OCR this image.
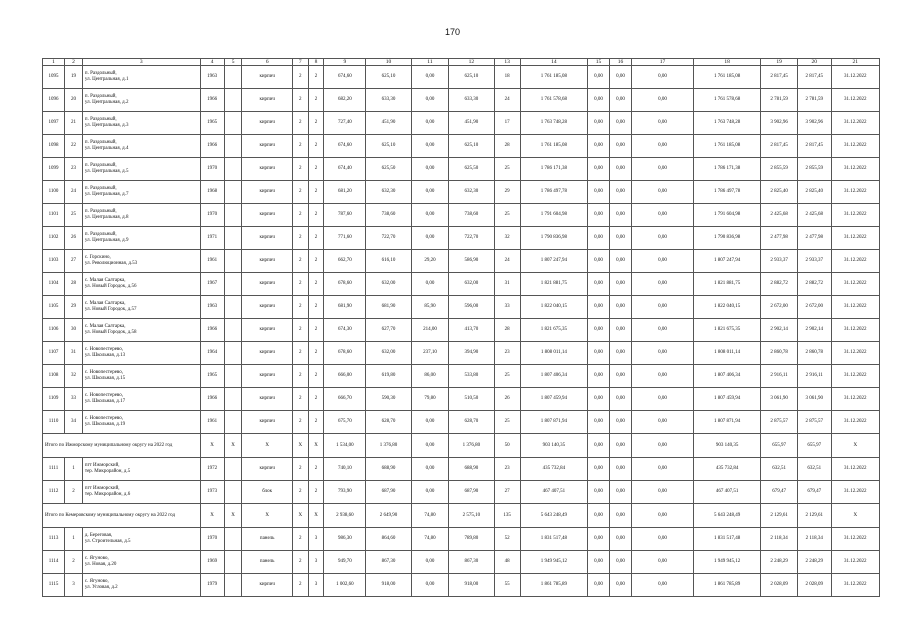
170
1	2	3	4	5	6	7	8	9	10	11	12	13	14	15	16	17	18	19	20	21
1095	19	п. Раздольный,
ул. Центральная, д.1	1963		кирпич	2	2	674,60	625,10	0,00	625,10	18	1 761 185,08	0,00	0,00	0,00	1 761 185,08	2 817,45	2 817,45	31.12.2022
1096	20	п. Раздольный,
ул. Центральная, д.2	1966		кирпич	2	2	682,20	633,30	0,00	633,30	24	1 761 578,68	0,00	0,00	0,00	1 761 578,68	2 781,59	2 781,59	31.12.2022
1097	21	п. Раздольный,
ул. Центральная, д.3	1965		кирпич	2	2	727,40	451,90	0,00	451,90	17	1 763 748,28	0,00	0,00	0,00	1 763 748,28	3 902,96	3 902,96	31.12.2022
1098	22	п. Раздольный,
ул. Центральная, д.4	1966		кирпич	2	2	674,60	625,10	0,00	625,10	28	1 761 185,08	0,00	0,00	0,00	1 761 185,08	2 817,45	2 817,45	31.12.2022
1099	23	п. Раздольный,
ул. Центральная, д.5	1970		кирпич	2	2	674,40	625,50	0,00	625,50	25	1 786 171,38	0,00	0,00	0,00	1 786 171,38	2 855,59	2 855,59	31.12.2022
1100	24	п. Раздольный,
ул. Центральная, д.7	1968		кирпич	2	2	681,20	632,30	0,00	632,30	29	1 786 497,78	0,00	0,00	0,00	1 786 497,78	2 825,40	2 825,40	31.12.2022
1101	25	п. Раздольный,
ул. Центральная, д.8	1970		кирпич	2	2	787,60	738,60	0,00	738,60	25	1 791 604,98	0,00	0,00	0,00	1 791 604,98	2 425,68	2 425,68	31.12.2022
1102	26	п. Раздольный,
ул. Центральная, д.9	1971		кирпич	2	2	771,60	722,70	0,00	722,70	32	1 790 836,98	0,00	0,00	0,00	1 790 836,98	2 477,98	2 477,98	31.12.2022
1103	27	с. Горскино,
ул. Революционная, д.53	1961		кирпич	2	2	662,70	616,10	29,20	586,90	24	1 807 247,94	0,00	0,00	0,00	1 807 247,94	2 933,37	2 933,37	31.12.2022
1104	28	с. Малая Салтарка,
ул. Новый Городок, д.56	1967		кирпич	2	2	678,60	632,00	0,00	632,00	31	1 821 881,75	0,00	0,00	0,00	1 821 881,75	2 882,72	2 882,72	31.12.2022
1105	29	с. Малая Салтарка,
ул. Новый Городок, д.57	1963		кирпич	2	2	681,90	681,90	85,90	596,00	33	1 822 040,15	0,00	0,00	0,00	1 822 040,15	2 672,00	2 672,00	31.12.2022
1106	30	с. Малая Салтарка,
ул. Новый Городок, д.58	1966		кирпич	2	2	674,30	627,70	214,00	413,70	28	1 821 675,35	0,00	0,00	0,00	1 821 675,35	2 902,14	2 902,14	31.12.2022
1107	31	с. Новопестерево,
ул. Школьная, д.13	1964		кирпич	2	2	678,60	632,00	237,10	394,90	23	1 808 011,14	0,00	0,00	0,00	1 808 011,14	2 860,78	2 860,78	31.12.2022
1108	32	с. Новопестерево,
ул. Школьная, д.15	1965		кирпич	2	2	666,00	619,80	86,00	533,80	25	1 807 406,34	0,00	0,00	0,00	1 807 406,34	2 916,11	2 916,11	31.12.2022
1109	33	с. Новопестерево,
ул. Школьная, д.17	1966		кирпич	2	2	666,70	590,30	79,80	510,50	26	1 807 459,94	0,00	0,00	0,00	1 807 459,94	3 061,90	3 061,90	31.12.2022
1110	34	с. Новопестерево,
ул. Школьная, д.19	1961		кирпич	2	2	675,70	628,70	0,00	628,70	25	1 807 871,94	0,00	0,00	0,00	1 807 871,94	2 875,57	2 875,57	31.12.2022
Итого по Ижморскому муниципальному округу на 2022 год			Х	Х	Х	Х	Х	1 534,00	1 376,80	0,00	1 376,80	50	903 140,35	0,00	0,00	0,00	903 140,35	655,97	655,97	Х
1111	1	пгт Ижморский,
тер. Микрорайон, д.5	1972		кирпич	2	2	740,10	688,90	0,00	688,90	23	435 732,84	0,00	0,00	0,00	435 732,84	632,51	632,51	31.12.2022
1112	2	пгт Ижморский,
тер. Микрорайон, д.6	1973		блок	2	2	793,90	687,90	0,00	687,90	27	467 407,51	0,00	0,00	0,00	467 407,51	679,47	679,47	31.12.2022
Итого по Кемеровскому муниципальному округу на 2022 год			Х	Х	Х	Х	Х	2 938,60	2 649,90	74,80	2 575,10	135	5 643 248,49	0,00	0,00	0,00	5 643 248,49	2 129,61	2 129,61	Х
1113	1	д. Береговая,
ул. Строительная, д.5	1970		панель	2	3	986,30	864,60	74,80	789,80	52	1 831 517,48	0,00	0,00	0,00	1 831 517,48	2 118,34	2 118,34	31.12.2022
1114	2	с. Ягуново,
ул. Новая, д.20	1969		панель	2	3	949,70	867,30	0,00	867,30	48	1 949 945,12	0,00	0,00	0,00	1 949 945,12	2 248,29	2 248,29	31.12.2022
1115	3	с. Ягуново,
ул. Угловая, д.2	1979		кирпич	2	3	1 002,60	918,00	0,00	918,00	55	1 861 785,89	0,00	0,00	0,00	1 861 785,89	2 028,09	2 028,09	31.12.2022
